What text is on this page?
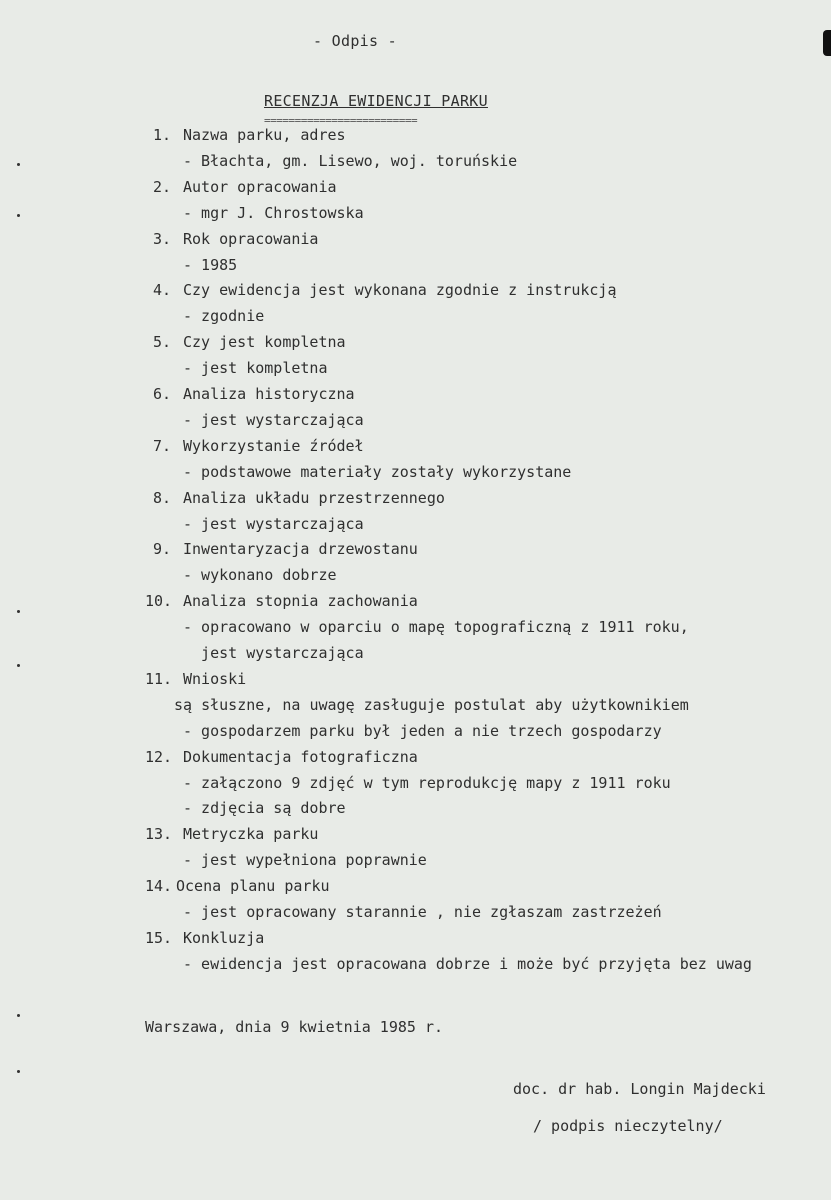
- Odpis -
RECENZJA EWIDENCJI PARKU
=========================
1. Nazwa parku, adres
- Błachta, gm. Lisewo, woj. toruńskie
2. Autor opracowania
- mgr J. Chrostowska
3. Rok opracowania
- 1985
4. Czy ewidencja jest wykonana zgodnie z instrukcją
- zgodnie
5. Czy jest kompletna
- jest kompletna
6. Analiza historyczna
- jest wystarczająca
7. Wykorzystanie źródeł
- podstawowe materiały zostały wykorzystane
8. Analiza układu przestrzennego
- jest wystarczająca
9. Inwentaryzacja drzewostanu
- wykonano dobrze
10. Analiza stopnia zachowania
- opracowano w oparciu o mapę topograficzną z 1911 roku,
jest wystarczająca
11. Wnioski
są słuszne, na uwagę zasługuje postulat aby użytkownikiem
- gospodarzem parku był jeden a nie trzech gospodarzy
12. Dokumentacja fotograficzna
- załączono 9 zdjęć w tym reprodukcję mapy z 1911 roku
- zdjęcia są dobre
13. Metryczka parku
- jest wypełniona poprawnie
14. Ocena planu parku
- jest opracowany starannie , nie zgłaszam zastrzeżeń
15. Konkluzja
- ewidencja jest opracowana dobrze i może być przyjęta bez uwag
Warszawa, dnia 9 kwietnia 1985 r.
doc. dr hab. Longin Majdecki
/ podpis nieczytelny/
